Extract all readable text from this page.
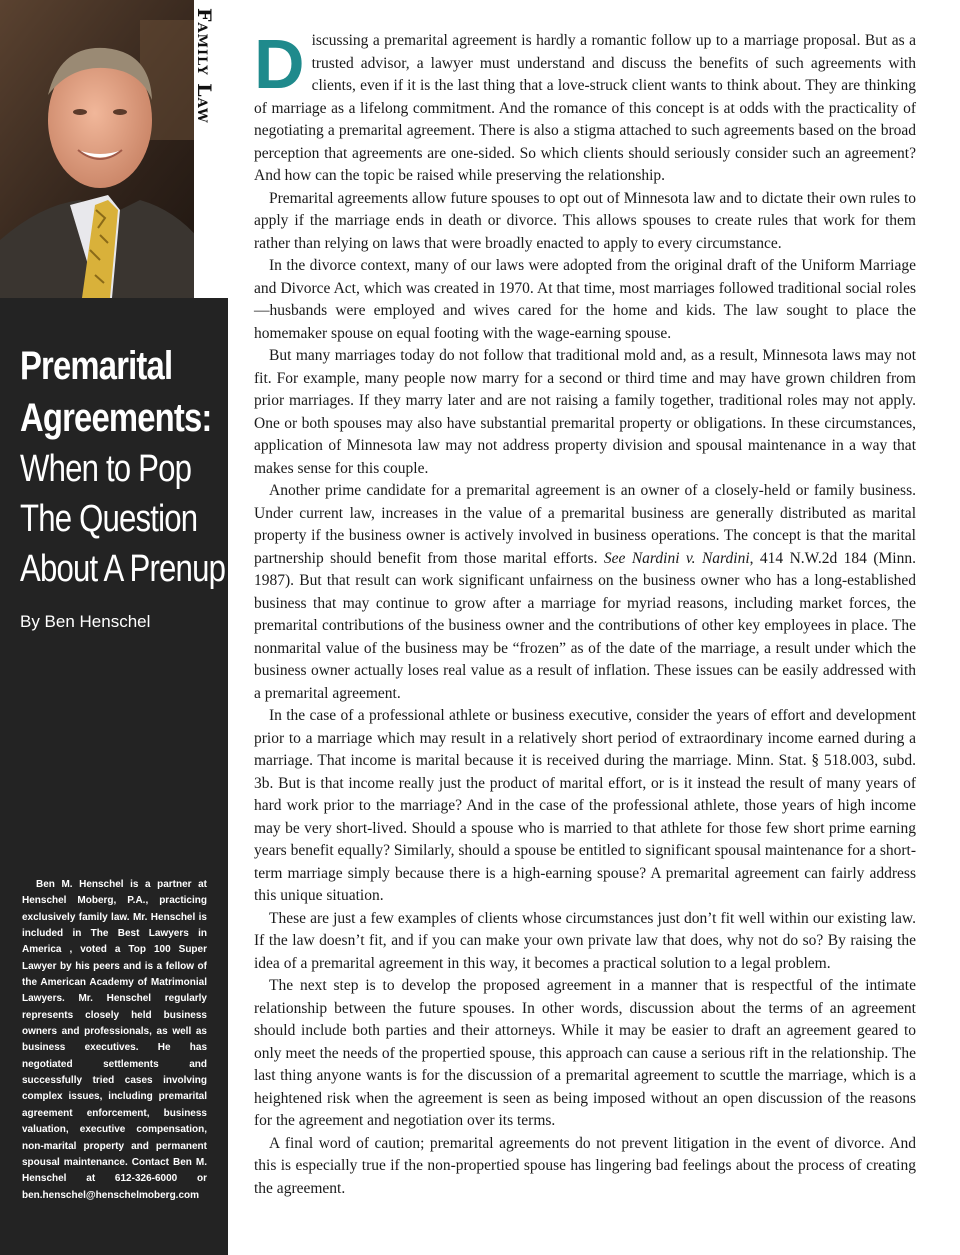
Family Law
Premarital
Agreements:
When to Pop
The Question
About A Prenup
By Ben Henschel

Ben M. Henschel is a partner at Henschel Moberg, P.A., practicing exclusively family law. Mr. Henschel is included in The Best Lawyers in America , voted a Top 100 Super Lawyer by his peers and is a fellow of the American Academy of Matrimonial Lawyers. Mr. Henschel regularly represents closely held business owners and professionals, as well as business executives. He has negotiated settlements and successfully tried cases involving complex issues, including premarital agreement enforcement, business valuation, executive compensation, non-marital property and permanent spousal maintenance. Contact Ben M. Henschel at 612-326-6000 or ben.henschel@henschelmoberg.com

Discussing a premarital agreement is hardly a romantic follow up to a marriage proposal. But as a trusted advisor, a lawyer must understand and discuss the benefits of such agreements with clients, even if it is the last thing that a love-struck client wants to think about. They are thinking of marriage as a lifelong commitment. And the romance of this concept is at odds with the practicality of negotiating a premarital agreement. There is also a stigma attached to such agreements based on the broad perception that agreements are one-sided. So which clients should seriously consider such an agreement? And how can the topic be raised while preserving the relationship.

Premarital agreements allow future spouses to opt out of Minnesota law and to dictate their own rules to apply if the marriage ends in death or divorce. This allows spouses to create rules that work for them rather than relying on laws that were broadly enacted to apply to every circumstance.

In the divorce context, many of our laws were adopted from the original draft of the Uniform Marriage and Divorce Act, which was created in 1970. At that time, most marriages followed traditional social roles—husbands were employed and wives cared for the home and kids. The law sought to place the homemaker spouse on equal footing with the wage-earning spouse.

But many marriages today do not follow that traditional mold and, as a result, Minnesota laws may not fit. For example, many people now marry for a second or third time and may have grown children from prior marriages. If they marry later and are not raising a family together, traditional roles may not apply. One or both spouses may also have substantial premarital property or obligations. In these circumstances, application of Minnesota law may not address property division and spousal maintenance in a way that makes sense for this couple.

Another prime candidate for a premarital agreement is an owner of a closely-held or family business. Under current law, increases in the value of a premarital business are generally distributed as marital property if the business owner is actively involved in business operations. The concept is that the marital partnership should benefit from those marital efforts. See Nardini v. Nardini, 414 N.W.2d 184 (Minn. 1987). But that result can work significant unfairness on the business owner who has a long-established business that may continue to grow after a marriage for myriad reasons, including market forces, the premarital contributions of the business owner and the contributions of other key employees in place. The nonmarital value of the business may be “frozen” as of the date of the marriage, a result under which the business owner actually loses real value as a result of inflation. These issues can be easily addressed with a premarital agreement.

In the case of a professional athlete or business executive, consider the years of effort and development prior to a marriage which may result in a relatively short period of extraordinary income earned during a marriage. That income is marital because it is received during the marriage. Minn. Stat. § 518.003, subd. 3b. But is that income really just the product of marital effort, or is it instead the result of many years of hard work prior to the marriage? And in the case of the professional athlete, those years of high income may be very short-lived. Should a spouse who is married to that athlete for those few short prime earning years benefit equally? Similarly, should a spouse be entitled to significant spousal maintenance for a short-term marriage simply because there is a high-earning spouse? A premarital agreement can fairly address this unique situation.

These are just a few examples of clients whose circumstances just don’t fit well within our existing law. If the law doesn’t fit, and if you can make your own private law that does, why not do so? By raising the idea of a premarital agreement in this way, it becomes a practical solution to a legal problem.

The next step is to develop the proposed agreement in a manner that is respectful of the intimate relationship between the future spouses. In other words, discussion about the terms of an agreement should include both parties and their attorneys. While it may be easier to draft an agreement geared to only meet the needs of the propertied spouse, this approach can cause a serious rift in the relationship. The last thing anyone wants is for the discussion of a premarital agreement to scuttle the marriage, which is a heightened risk when the agreement is seen as being imposed without an open discussion of the reasons for the agreement and negotiation over its terms.

A final word of caution; premarital agreements do not prevent litigation in the event of divorce. And this is especially true if the non-propertied spouse has lingering bad feelings about the process of creating the agreement.
